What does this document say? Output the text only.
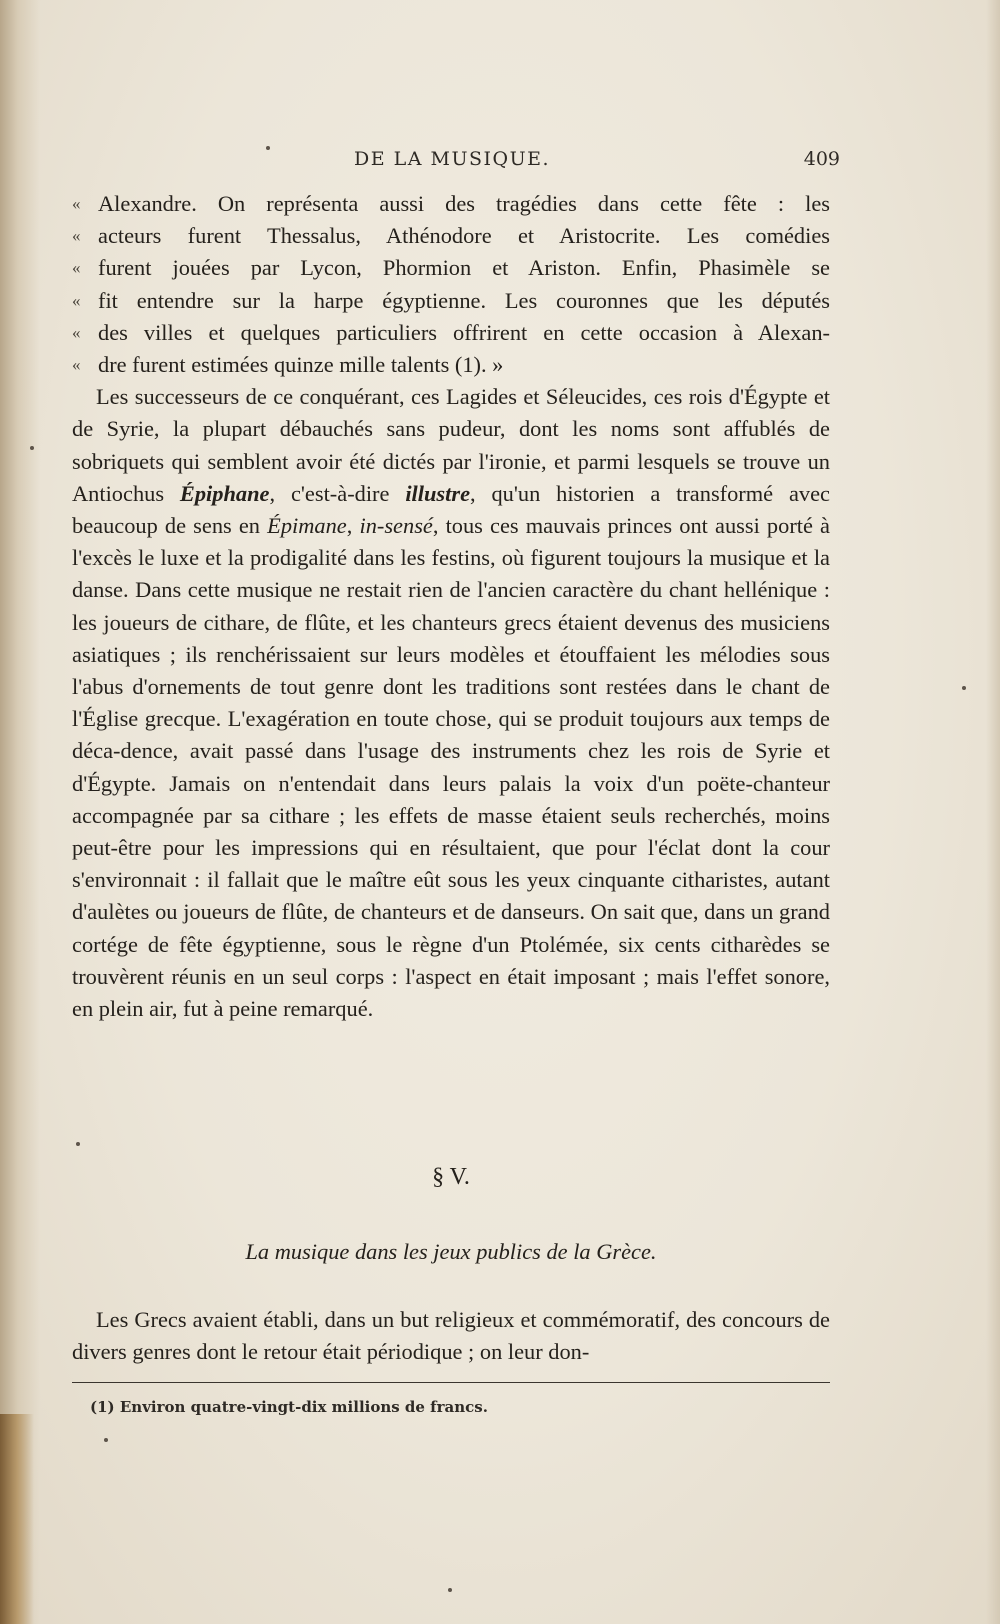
DE LA MUSIQUE.	409
« Alexandre. On représenta aussi des tragédies dans cette fête : les
« acteurs furent Thessalus, Athénodore et Aristocrite. Les comédies
« furent jouées par Lycon, Phormion et Ariston. Enfin, Phasimèle se
« fit entendre sur la harpe égyptienne. Les couronnes que les députés
« des villes et quelques particuliers offrirent en cette occasion à Alexan-
« dre furent estimées quinze mille talents (1). »

Les successeurs de ce conquérant, ces Lagides et Séleucides, ces rois d'Égypte et de Syrie, la plupart débauchés sans pudeur, dont les noms sont affublés de sobriquets qui semblent avoir été dictés par l'ironie, et parmi lesquels se trouve un Antiochus Épiphane, c'est-à-dire illustre, qu'un historien a transformé avec beaucoup de sens en Épimane, in-sensé, tous ces mauvais princes ont aussi porté à l'excès le luxe et la prodigalité dans les festins, où figurent toujours la musique et la danse. Dans cette musique ne restait rien de l'ancien caractère du chant hellénique : les joueurs de cithare, de flûte, et les chanteurs grecs étaient devenus des musiciens asiatiques ; ils renchérissaient sur leurs modèles et étouffaient les mélodies sous l'abus d'ornements de tout genre dont les traditions sont restées dans le chant de l'Église grecque. L'exagération en toute chose, qui se produit toujours aux temps de déca-dence, avait passé dans l'usage des instruments chez les rois de Syrie et d'Égypte. Jamais on n'entendait dans leurs palais la voix d'un poëte-chanteur accompagnée par sa cithare ; les effets de masse étaient seuls recherchés, moins peut-être pour les impressions qui en résultaient, que pour l'éclat dont la cour s'environnait : il fallait que le maître eût sous les yeux cinquante citharistes, autant d'aulètes ou joueurs de flûte, de chanteurs et de danseurs. On sait que, dans un grand cortége de fête égyptienne, sous le règne d'un Ptolémée, six cents citharèdes se trouvèrent réunis en un seul corps : l'aspect en était imposant ; mais l'effet sonore, en plein air, fut à peine remarqué.

§ V.
La musique dans les jeux publics de la Grèce.
Les Grecs avaient établi, dans un but religieux et commémoratif, des concours de divers genres dont le retour était périodique ; on leur don-
(1) Environ quatre-vingt-dix millions de francs.
